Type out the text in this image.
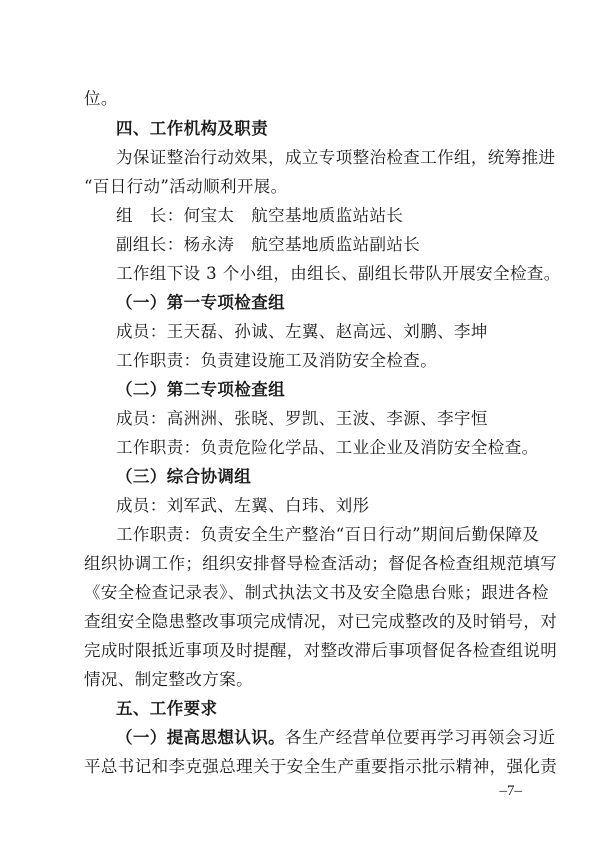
位。
四、工作机构及职责
为保证整治行动效果，成立专项整治检查工作组，统筹推进
“百日行动”活动顺利开展。
组　长：何宝太　航空基地质监站站长
副组长：杨永涛　航空基地质监站副站长
工作组下设 3 个小组，由组长、副组长带队开展安全检查。
（一）第一专项检查组
成员：王天磊、孙诚、左翼、赵高远、刘鹏、李坤
工作职责：负责建设施工及消防安全检查。
（二）第二专项检查组
成员：高洲洲、张晓、罗凯、王波、李源、李宇恒
工作职责：负责危险化学品、工业企业及消防安全检查。
（三）综合协调组
成员：刘军武、左翼、白玮、刘彤
工作职责：负责安全生产整治“百日行动”期间后勤保障及
组织协调工作；组织安排督导检查活动；督促各检查组规范填写
《安全检查记录表》、制式执法文书及安全隐患台账；跟进各检
查组安全隐患整改事项完成情况，对已完成整改的及时销号，对
完成时限抵近事项及时提醒，对整改滞后事项督促各检查组说明
情况、制定整改方案。
五、工作要求
（一）提高思想认识。各生产经营单位要再学习再领会习近
平总书记和李克强总理关于安全生产重要指示批示精神，强化责
–7–
